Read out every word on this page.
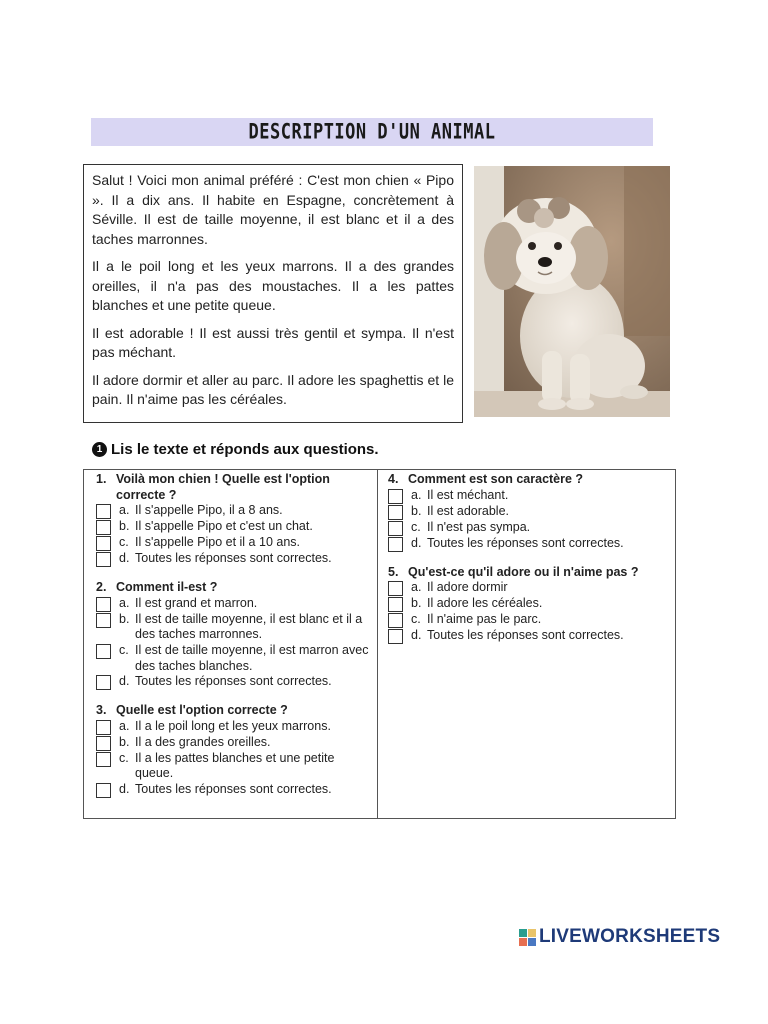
DESCRIPTION D'UN ANIMAL

Salut ! Voici mon animal préféré : C'est mon chien « Pipo ». Il a dix ans. Il habite en Espagne, concrètement à Séville. Il est de taille moyenne, il est blanc et il a des taches marronnes.

Il a le poil long et les yeux marrons. Il a des grandes oreilles, il n'a pas des moustaches. Il a les pattes blanches et une petite queue.

Il est adorable ! Il est aussi très gentil et sympa. Il n'est pas méchant.

Il adore dormir et aller au parc. Il adore les spaghettis et le pain. Il n'aime pas les céréales.

1 Lis le texte et réponds aux questions.
1. Voilà mon chien ! Quelle est l'option correcte ?
a. Il s'appelle Pipo, il a 8 ans.
b. Il s'appelle Pipo et c'est un chat.
c. Il s'appelle Pipo et il a 10 ans.
d. Toutes les réponses sont correctes.
2. Comment il-est ?
a. Il est grand et marron.
b. Il est de taille moyenne, il est blanc et il a des taches marronnes.
c. Il est de taille moyenne, il est marron avec des taches blanches.
d. Toutes les réponses sont correctes.
3. Quelle est l'option correcte ?
a. Il a le poil long et les yeux marrons.
b. Il a des grandes oreilles.
c. Il a les pattes blanches et une petite queue.
d. Toutes les réponses sont correctes.
4. Comment est son caractère ?
a. Il est méchant.
b. Il est adorable.
c. Il n'est pas sympa.
d. Toutes les réponses sont correctes.
5. Qu'est-ce qu'il adore ou il n'aime pas ?
a. Il adore dormir
b. Il adore les céréales.
c. Il n'aime pas le parc.
d. Toutes les réponses sont correctes.
LIVEWORKSHEETS
